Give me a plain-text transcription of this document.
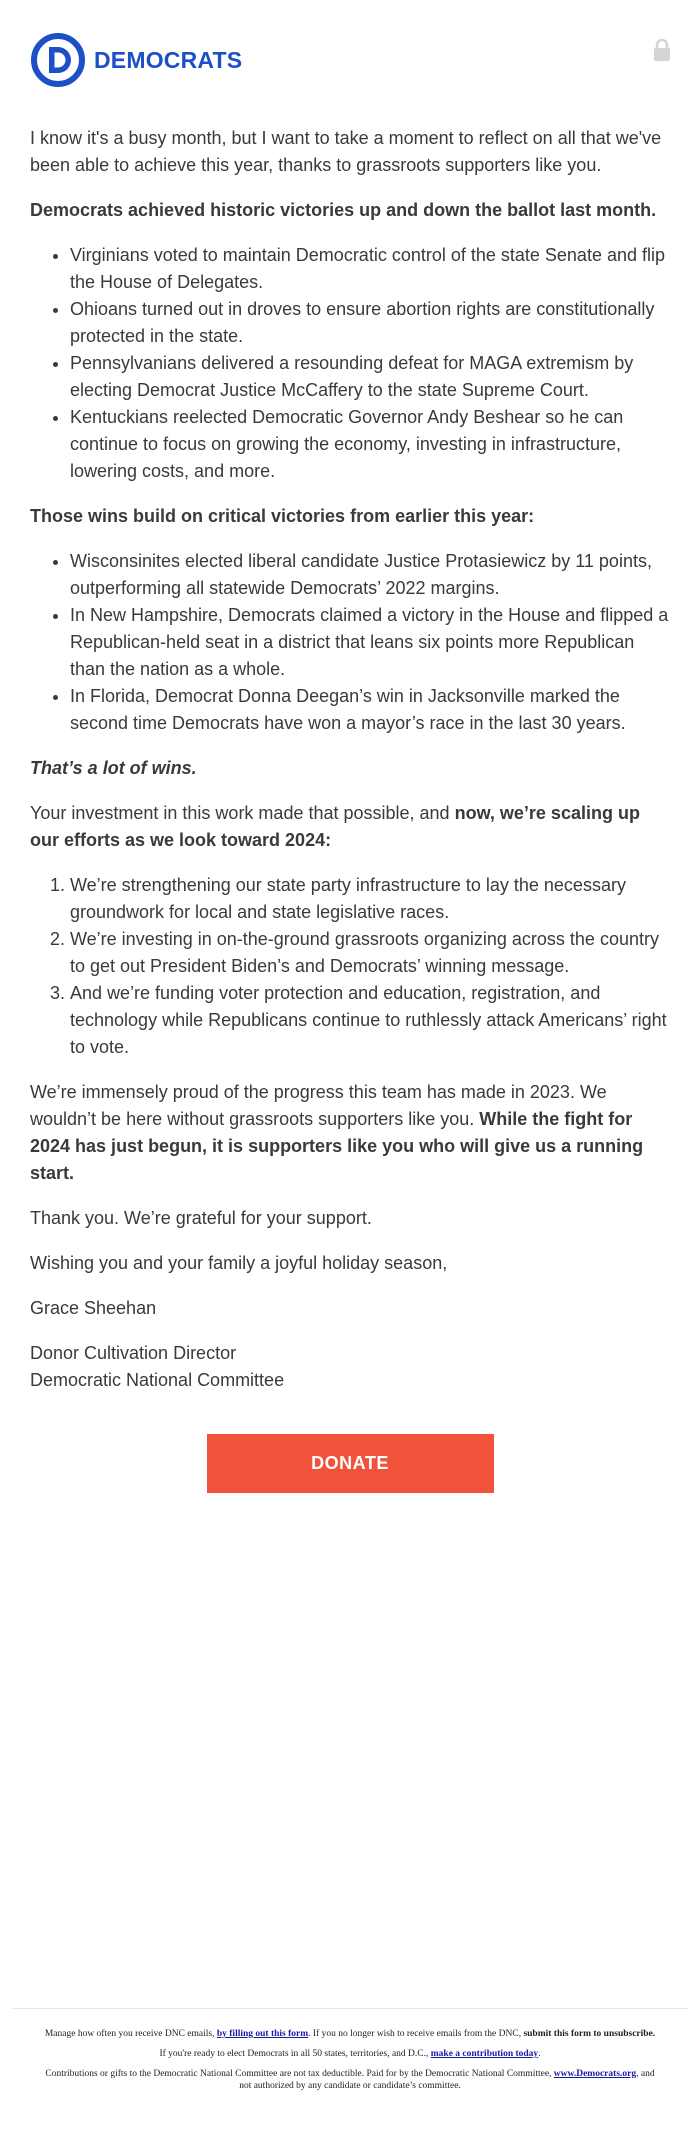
DEMOCRATS

I know it's a busy month, but I want to take a moment to reflect on all that we've been able to achieve this year, thanks to grassroots supporters like you.

Democrats achieved historic victories up and down the ballot last month.

• Virginians voted to maintain Democratic control of the state Senate and flip the House of Delegates.
• Ohioans turned out in droves to ensure abortion rights are constitutionally protected in the state.
• Pennsylvanians delivered a resounding defeat for MAGA extremism by electing Democrat Justice McCaffery to the state Supreme Court.
• Kentuckians reelected Democratic Governor Andy Beshear so he can continue to focus on growing the economy, investing in infrastructure, lowering costs, and more.

Those wins build on critical victories from earlier this year:

• Wisconsinites elected liberal candidate Justice Protasiewicz by 11 points, outperforming all statewide Democrats’ 2022 margins.
• In New Hampshire, Democrats claimed a victory in the House and flipped a Republican-held seat in a district that leans six points more Republican than the nation as a whole.
• In Florida, Democrat Donna Deegan’s win in Jacksonville marked the second time Democrats have won a mayor’s race in the last 30 years.

That’s a lot of wins.

Your investment in this work made that possible, and now, we’re scaling up our efforts as we look toward 2024:

1. We’re strengthening our state party infrastructure to lay the necessary groundwork for local and state legislative races.
2. We’re investing in on-the-ground grassroots organizing across the country to get out President Biden’s and Democrats’ winning message.
3. And we’re funding voter protection and education, registration, and technology while Republicans continue to ruthlessly attack Americans’ right to vote.

We’re immensely proud of the progress this team has made in 2023. We wouldn’t be here without grassroots supporters like you. While the fight for 2024 has just begun, it is supporters like you who will give us a running start.

Thank you. We’re grateful for your support.

Wishing you and your family a joyful holiday season,

Grace Sheehan

Donor Cultivation Director
Democratic National Committee

DONATE

Manage how often you receive DNC emails, by filling out this form. If you no longer wish to receive emails from the DNC, submit this form to unsubscribe.

If you're ready to elect Democrats in all 50 states, territories, and D.C., make a contribution today.

Contributions or gifts to the Democratic National Committee are not tax deductible. Paid for by the Democratic National Committee, www.Democrats.org, and not authorized by any candidate or candidate’s committee.
